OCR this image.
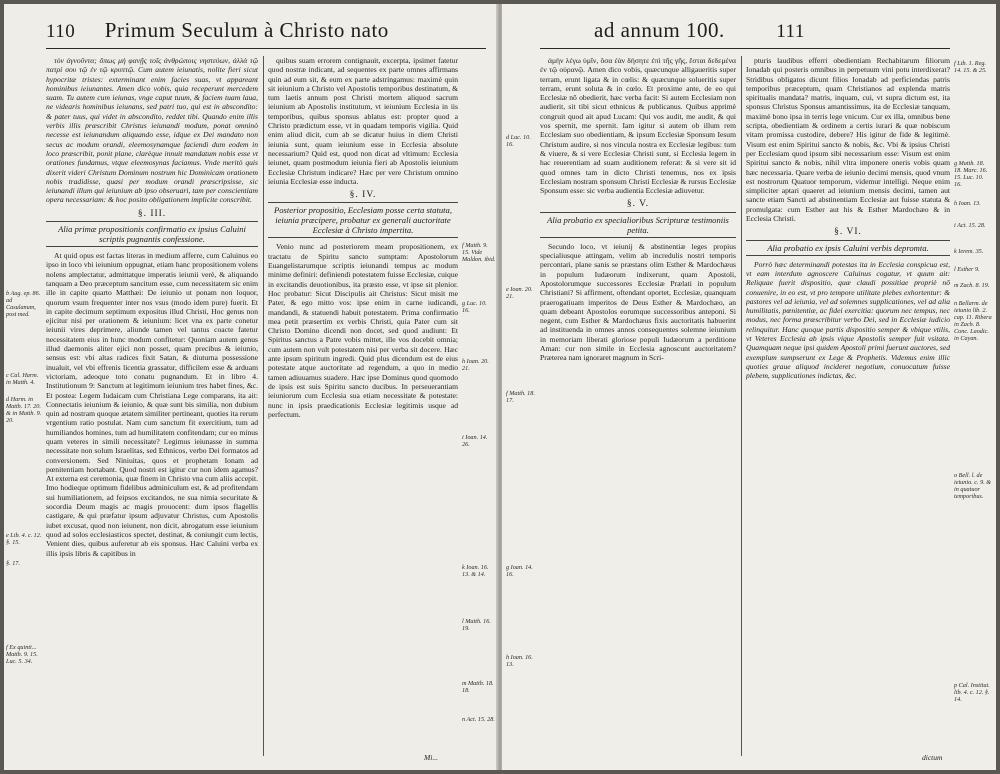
110 Primum Seculum à Christo nato
b Aug. ep. 86. ad Casulanum, post med.
c Cal. Harm. in Matth. 4.
d Harm. in Matth. 17. 20. & in Matth. 9. 20.
e Lib. 4. c. 12. §. 15.
§. 17.
f Ex quinti... Matth. 9. 15. Luc. 5. 34.

τὸν ἀγνοῦντα; ὅπως μὴ φανῇς τοῖς ἀνθρώποις νηστεύων, ἀλλὰ τῷ πατρί σου τῷ ἐν τῷ κρυπτῷ. Cum autem ieiunatis, nolite fieri sicut hypocritæ tristes: exterminant enim facies suas, vt appareant hominibus ieiunantes. Amen dico vobis, quia receperunt mercedem suam. Tu autem cum ieiunas, vnge caput tuum, & faciem tuam laua, ne videaris hominibus ieiunans, sed patri tuo, qui est in abscondito: & pater tuus, qui videt in abscondito, reddet tibi. Quando enim illis verbis illis præscribit Christus ieiunandi modum, ponat omninò necesse est ieiunandum aliquando esse, idque ex Dei mandato non secus ac modum orandi, eleemosynamque faciendi dum eodem in loco præscribit, ponit plane, clarèque innuit mandatum nobis esse vt orationes fundamus, vtque eleemosynas faciamus. Vnde meritò quis dixerit videri Christum Dominum nostrum hic Dominicam orationem nobis tradidisse, quasi per modum orandi præscripsisse, sic ieiunandi illum qui ieiunium ab ipso obseruari, tam per conscientiam opera necessariam: & hoc posito obligationem implicite conscribit.

§. III.
Alia primæ propositionis confirmatio ex ipsius Caluini scriptis pugnantis confessione.

At quid opus est factas literas in medium afferre, cum Caluinus eo ipso in loco vbi ieiunium oppugnat, etiam hanc propositionem volens nolens amplectatur, admittatque imperatis ieiunii verè, & aliquando tanquam a Deo præceptum sancitum esse, cum necessitatem sic enim ille in capite quarto Matthæi: De ieiunio ut ponam non loquor, quorum vsum frequenter inter nos vsus (modo idem pure) fuerit. Et in capite decimum septimum expositus illud Christi, Hoc genus non ejicitur nisi per orationem & ieiunium: licet vna ex parte conetur ieiunii vires deprimere, aliunde tamen vel tantus coacte fatetur necessitatem eius in hunc modum confitetur: Quoniam autem genus illud daemonis aliter ejici non posset, quam precibus & ieiunio, sensus est: vbi altas radices fixit Satan, & diuturna possessione inualuit, vel vbi effrenis licentia grassatur, difficilem esse & arduam victoriam, adeoque toto conatu pugnandum. Et in libro 4. Institutionum 9: Sanctum at legitimum ieiunium tres habet fines, &c. Et postea: Legem Iudaicam cum Christiana Lege comparans, ita ait: Connectatis ieiunium & ieiunio, & quæ sunt bis similia, non dubium quin ad nostram quoque ætatem similiter pertineant, quoties ita rerum vrgentium ratio postulat. Nam cum sanctum fit exercitium, tum ad humiliandos homines, tum ad humilitatem confitendam; cur eo minus quam veteres in simili necessitate? Legimus ieiunasse in summa necessitate non solum Israelitas, sed Ethnicos, verbo Dei formatos ad conversionem. Sed Niniuitas, quos et prophetam Ionam ad pœnitentiam hortabant. Quod nostri est igitur cur non idem agamus? At externa est ceremonia, quæ finem in Christo vna cum aliis accepit. Imo hodieque optimum fidelibus adminiculum est, & ad profitendam sui humiliationem, ad feipsos excitandos, ne sua nimia securitate & socordia Deum magis ac magis prouocent: dum ipsos flagellis castigare, & qui præfatur ipsum adjuvatur Christus, cum Apostolis iubet excusat, quod non ieiunent, non dicit, abrogatum esse ieiunium quod ad solos ecclesiasticos spectet, destinat, & coniungit cum lectis, Venient dies, quibus auferetur ab eis sponsus. Hæc Caluini verba ex illis ipsis libris & capitibus in

quibus suam errorem contignauit, excerpta, ipsimet fatetur quod nostræ indicant, ad sequentes ex parte omnes affirmans quin ad eum sit, & eum ex parte adstringamus: maximè quin sit ieiunium a Christo vel Apostolis temporibus destinatum, & tum laetis annum post Christi mortem aliquod sacrum ieiunium ab Apostolis institutum, vt ieiunium Ecclesia in iis temporibus, quibus sponsus ablatus est: propter quod a Christo prædictum esse, vt in quadam temporis vigilia. Quid enim aliud dicit, cum ab se dicatur huius in diem Christi ieiunia sunt, quam ieiunium esse in Ecclesia absolute necessarium? Quid est, quod non dicat ad vltimum: Ecclesia ieiunet, quam postmodum ieiunia fieri ab Apostolis ieiunium Ecclesiæ Christum indicare? Hæc per vere Christum omnino ieiunia Ecclesiæ esse inducta.

§. IV.
Posterior propositio, Ecclesiam posse certa statuta, ieiunia præcipere, probatur ex generali auctoritate Ecclesiæ à Christo impertita.

Venio nunc ad posteriorem meam propositionem, ex tractatu de Spiritu sancto sumptam: Apostolorum Euangelistarumque scriptis ieiunandi tempus ac modum minime definiri: definiendi potestatem fuisse Ecclesiæ, cuique in excitandis deuotionibus, ita præsto esse, vt ipse sit plenior. Hoc probatur: Sicut Discipulis ait Christus: Sicut misit me Pater, & ego mitto vos: ipse enim in carne iudicandi, mandandi, & statuendi habuit potestatem. Prima confirmatio mea petit præsertim ex verbis Christi, quia Pater cum sit Christo Domino dicendi non docet, sed quod audiunt: Et Spiritus sanctus a Patre vobis mittet, ille vos docebit omnia; cum autem non vult potestatem nisi per verba sit docere. Hæc ante ipsum spiritum ingredi. Quid plus dicendum est de eius potestate atque auctoritate ad regendum, a quo in medio tamen adiuuamus suadere. Hæc ipse Dominus quod quomodo de ipsis est suis Spiritu sancto ducibus. In perseuerantiam ieiuniorum cum Ecclesia sua etiam necessitate & potestate: nunc in ipsis praedicationis Ecclesiæ legitimis usque ad perfectum.

f Matth. 9. 15. Vide Maldon. ibid.
g Luc. 10. 16.
h Ioan. 20. 21.
i Ioan. 14. 26.
k Ioan. 16. 13. & 14.
l Matth. 16. 19.
m Matth. 18. 18.
n Act. 15. 28.
Mi...
ad annum 100.	111
d Luc. 10. 16.
e Ioan. 20. 21.
f Matth. 18. 17.
g Ioan. 14. 16.
h Ioan. 16. 13.

ἀμὴν λέγω ὑμῖν, ὅσα ἐὰν δήσητε ἐπὶ τῆς γῆς, ἔσται δεδεμένα ἐν τῷ οὐρανῷ. Amen dico vobis, quæcunque alligaueritis super terram, erunt ligata & in cœlis: & quæcunque solueritis super terram, erunt soluta & in cœlo. Et proxime ante, de eo qui Ecclesiæ nō obedierit, hæc verba facit: Si autem Ecclesiam non audierit, sit tibi sicut ethnicus & publicanus. Quibus apprimè congruit quod ait apud Lucam: Qui vos audit, me audit, & qui vos spernit, me spernit. Iam igitur si autem ob illum rem Ecclesiam suo obedientiam, & ipsum Ecclesiæ Sponsum Iesum Christum audire, si nos vincula nostra ex Ecclesiæ legibus: tum & viuere, & si vere Ecclesiæ Christi sunt, si Ecclesia legem in hac reuerentiam ad suam auditionem referat: & si vere sit id quod omnes tam in dicto Christi tenemus, nos ex ipsis Ecclesiam nostram sponsum Christi Ecclesiæ & rursus Ecclesiæ Sponsum esse: sic verba audientia Ecclesiæ adiuvetur.

§. V.
Alia probatio ex specialioribus Scripturæ testimoniis petita.

Secundo loco, vt ieiunij & abstinentiæ leges propius specialiusque attingam, velim ab incredulis nostri temporis percontari, plane sanis se præstans olim Esther & Mardochæus in populum Iudæorum indixerunt, quam Apostoli, Apostolorumque successores Ecclesiæ Prælati in populum Christiani? Si affirment, oftendant oportet, Ecclesiæ, quanquam praerogatiuam imperitos de Deus Esther & Mardochæo, an quam debeant Apostolos eorumque successoribus anteponi. Si negent, cum Esther & Mardochæus fixis auctoritatis habuerint ad instituenda in omnes annos consequentes solemne ieiunium in memoriam liberati gloriose populi Iudæorum a perditione Aman: cur non simile in Ecclesia agnoscunt auctoritatem? Præterea nam ignoraret magnum in Scri-

pturis laudibus efferri obedientiam Rechabitarum filiorum Ionadab qui posteris omnibus in perpetuum vini potu interdixerat? Stridibus obligatos dicunt filios Ionadab ad perficiendas patris temporibus præceptum, quam Christianos ad explenda matris spiritualis mandata? matris, inquam, cui, vt supra dictum est, ita sponsus Christus Sponsus amantissimus, ita de Ecclesiæ tanquam, maximè bono ipsa in terris lege vnicum. Cur ex illa, omnibus bene scripta, obedientiam & ordinem a certis iurari & quæ nobiscum vitam promissa custodire, debere? His igitur de fide & legitimè. Visum est enim Spiritui sancto & nobis, &c. Vbi & ipsius Christi per Ecclesiam quod ipsum sibi necessarium esse: Visum est enim Spiritui sancto & nobis, nihil vltra imponere oneris vobis quam hæc necessaria. Quare verba de ieiunio decimi mensis, quod vnum est nostrorum Quatuor temporum, videmur intelligi. Neque enim simpliciter aptari quaeret ad ieiunium mensis decimi, tamen aut sancte etiam Sancti ad abstinentiam Ecclesiæ aut fuisse statuta & promulgata: cum Esther aut his & Esther Mardochæo & in Ecclesia Christi.

§. VI.
Alia probatio ex ipsis Caluini verbis depromta.

Porrò hæc determinandi potestas ita in Ecclesia conspicua est, vt eam interdum agnoscere Caluinus cogatur, vt quum ait: Reliquae fuerit dispositio, quæ claudi possitiae propriè nō conuenire, in eo est, vt pro tempore utilitate plebes exhortentur: & pastores vel ad ieiunia, vel ad solemnes supplicationes, vel ad alia humilitatis, pœnitentiæ, ac fidei exercitia: quorum nec tempus, nec modus, nec forma præscribitur verbo Dei, sed in Ecclesiæ iudicio relinquitur. Hanc quoque partis dispositio semper & vbique vtilis, vt Veteres Ecclesia ab ipsis vique Apostolis semper fuit vsitata. Quamquam neque ipsi quidem Apostoli primi fuerunt auctores, sed exemplum sumpserunt ex Lege & Prophetis. Videmus enim illic quoties graue aliquod incideret negotium, conuocatum fuisse plebem, supplicationes indictas, &c.

f Lib. 1. Reg. 14. 15. & 25.
g Matth. 18. 18. Marc. 16. 15. Luc. 10. 16.
h Ioan. 13.
i Act. 15. 28.
k Ierem. 35.
l Esther 9.
m Zach. 8. 19.
n Bellarm. de ieiunio lib. 2. cap. 11. Ribera in Zach. 8. Conc. Laodic. in Cayan.
o Bell. l. de ieiunio. c. 9. & in quatuor temporibus.
p Cal. Institut. lib. 4. c. 12. §. 14.
dictum
